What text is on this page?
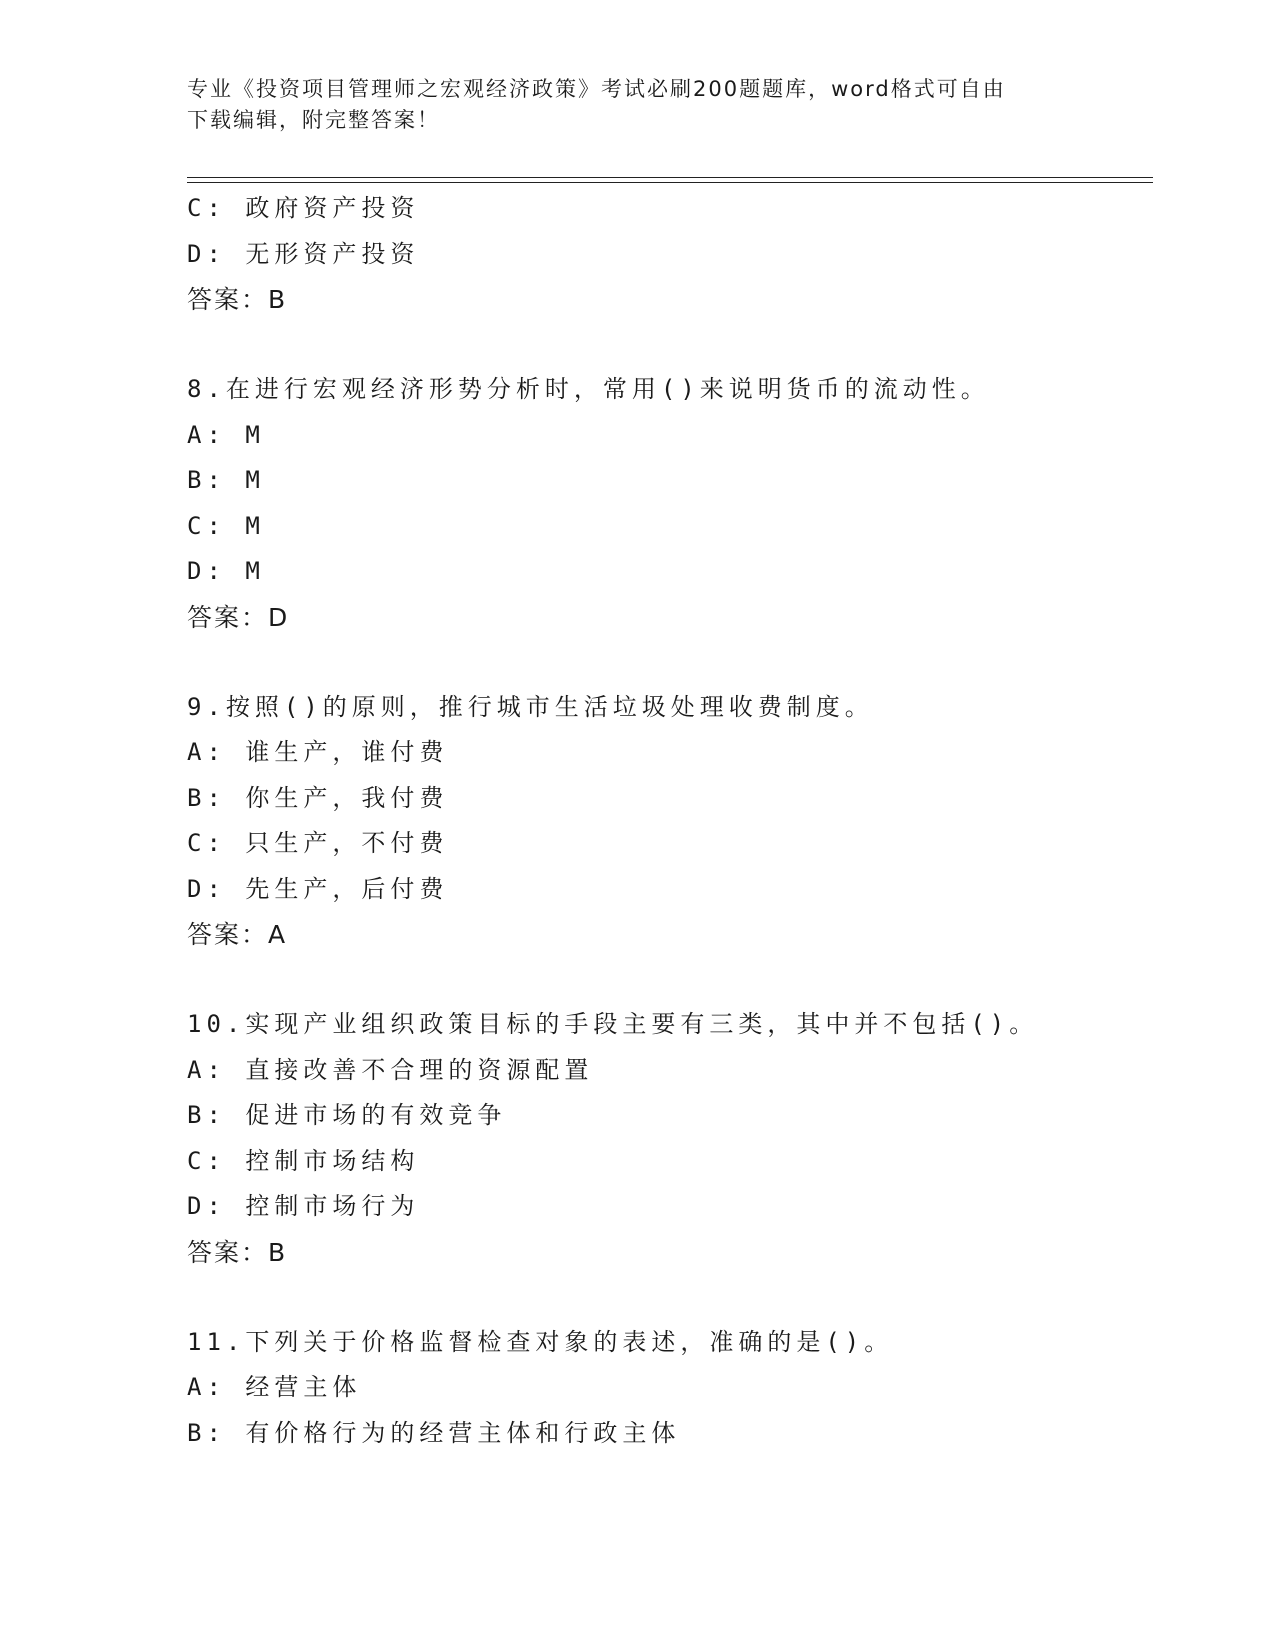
专业《投资项目管理师之宏观经济政策》考试必刷200题题库，word格式可自由
下载编辑，附完整答案！
C: 政府资产投资
D: 无形资产投资
答案：B
8.在进行宏观经济形势分析时，常用()来说明货币的流动性。
A: M
B: M
C: M
D: M
答案：D
9.按照()的原则，推行城市生活垃圾处理收费制度。
A: 谁生产，谁付费
B: 你生产，我付费
C: 只生产，不付费
D: 先生产，后付费
答案：A
10.实现产业组织政策目标的手段主要有三类，其中并不包括()。
A: 直接改善不合理的资源配置
B: 促进市场的有效竞争
C: 控制市场结构
D: 控制市场行为
答案：B
11.下列关于价格监督检查对象的表述，准确的是()。
A: 经营主体
B: 有价格行为的经营主体和行政主体
